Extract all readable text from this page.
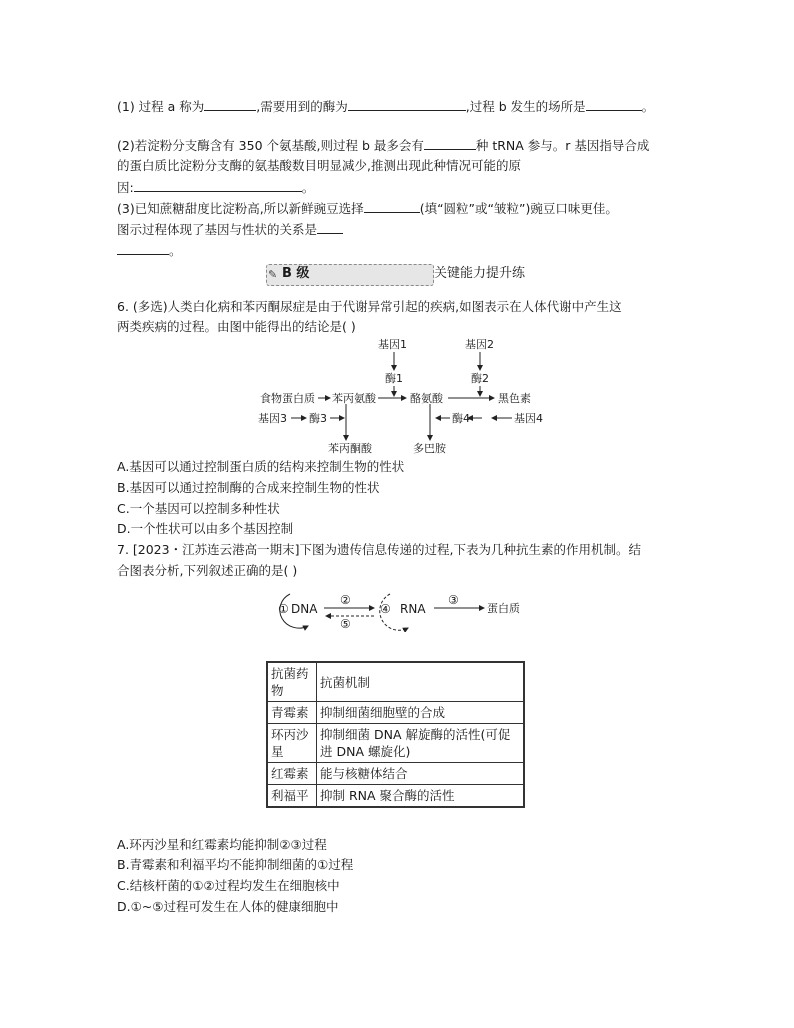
(1) 过程 a 称为	,需要用到的酶为	,过程 b 发生的场所是	。
(2)若淀粉分支酶含有 350 个氨基酸,则过程 b 最多会有	种 tRNA 参与。r 基因指导合成
的蛋白质比淀粉分支酶的氨基酸数目明显减少,推测出现此种情况可能的原
因:	。
(3)已知蔗糖甜度比淀粉高,所以新鲜豌豆选择	(填“圆粒”或“皱粒”)豌豆口味更佳。
图示过程体现了基因与性状的关系是
。
✎ B 级	关键能力提升练
6. (多选)人类白化病和苯丙酮尿症是由于代谢异常引起的疾病,如图表示在人体代谢中产生这
两类疾病的过程。由图中能得出的结论是( )
基因1
酶1
基因2
酶2
食物蛋白质 苯丙氨酸	酪氨酸	黑色素
基因3 酶3
苯丙酮酸	多巴胺
酶4	基因4
A.基因可以通过控制蛋白质的结构来控制生物的性状
B.基因可以通过控制酶的合成来控制生物的性状
C.一个基因可以控制多种性状
D.一个性状可以由多个基因控制
7. [2023・江苏连云港高一期末]下图为遗传信息传递的过程,下表为几种抗生素的作用机制。结
合图表分析,下列叙述正确的是( )
① DNA
②
⑤
④ RNA
③
蛋白质
抗菌药物	抗菌机制
青霉素	抑制细菌细胞壁的合成
环丙沙星	抑制细菌 DNA 解旋酶的活性(可促进 DNA 螺旋化)
红霉素	能与核糖体结合
利福平	抑制 RNA 聚合酶的活性
A.环丙沙星和红霉素均能抑制②③过程
B.青霉素和利福平均不能抑制细菌的①过程
C.结核杆菌的①②过程均发生在细胞核中
D.①~⑤过程可发生在人体的健康细胞中
